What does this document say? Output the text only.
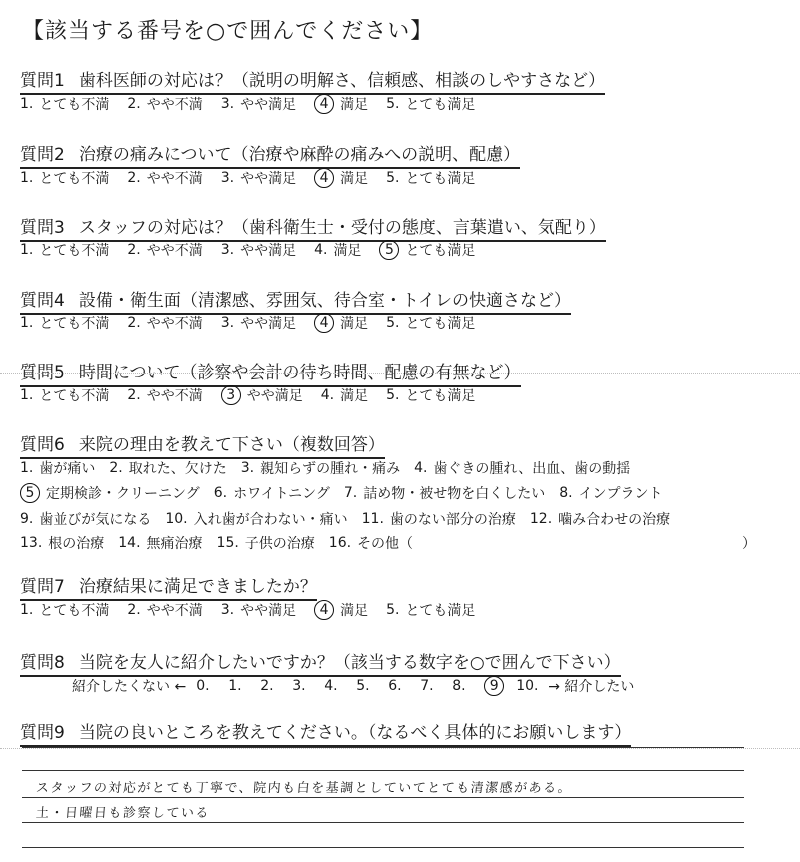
【該当する番号を○で囲んでください】
質問1 歯科医師の対応は？（説明の明解さ、信頼感、相談のしやすさなど）
1. とても不満 2. やや不満 3. やや満足	4 満足 5. とても満足
質問2 治療の痛みについて（治療や麻酔の痛みへの説明、配慮）
1. とても不満 2. やや不満 3. やや満足	4 満足 5. とても満足
質問3 スタッフの対応は？（歯科衛生士・受付の態度、言葉遣い、気配り）
1. とても不満 2. やや不満 3. やや満足 4. 満足	5 とても満足
質問4 設備・衛生面（清潔感、雰囲気、待合室・トイレの快適さなど）
1. とても不満 2. やや不満 3. やや満足	4 満足 5. とても満足
質問5 時間について（診察や会計の待ち時間、配慮の有無など）
1. とても不満 2. やや不満	3 やや満足 4. 満足 5. とても満足
質問6 来院の理由を教えて下さい（複数回答）
質問7 治療結果に満足できましたか？
1. とても不満 2. やや不満 3. やや満足	4 満足 5. とても満足
質問8 当院を友人に紹介したいですか？（該当する数字を○で囲んで下さい）
質問9 当院の良いところを教えてください。（なるべく具体的にお願いします）
1. 歯が痛い 2. 取れた、欠けた 3. 親知らずの腫れ・痛み 4. 歯ぐきの腫れ、出血、歯の動揺
5 定期検診・クリーニング 6. ホワイトニング 7. 詰め物・被せ物を白くしたい 8. インプラント
9. 歯並びが気になる 10. 入れ歯が合わない・痛い 11. 歯のない部分の治療 12. 噛み合わせの治療
13. 根の治療 14. 無痛治療 15. 子供の治療 16. その他（	）
紹介したくない ← 0.	1.	2.	3.	4.	5.	6.	7.	8.	9	10. → 紹介したい
スタッフの対応がとても丁寧で、院内も白を基調としていてとても清潔感がある。
土・日曜日も診察している
